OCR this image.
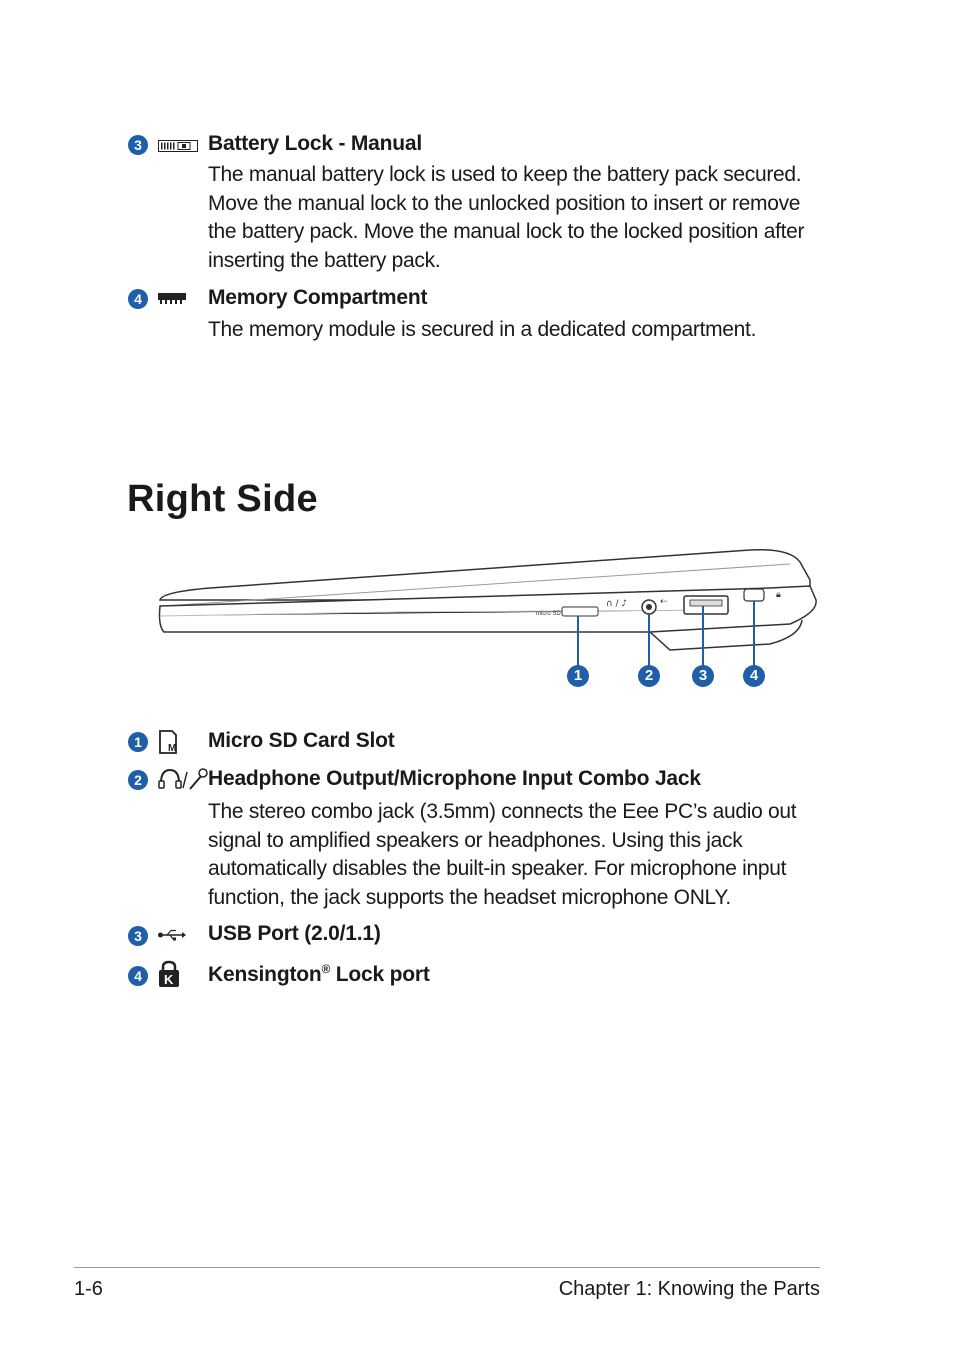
3	Battery Lock - Manual
The manual battery lock is used to keep the battery pack secured. Move the manual lock to the unlocked position to insert or remove the battery pack. Move the manual lock to the locked position after inserting the battery pack.
4	Memory Compartment
The memory module is secured in a dedicated compartment.
Right Side
micro SD
∩ / ♪	⇠
🔒︎
1	2	3	4
1	M Micro SD Card Slot
2	Headphone Output/Microphone Input Combo Jack
The stereo combo jack (3.5mm) connects the Eee PC’s audio out signal to amplified speakers or headphones. Using this jack automatically disables the built-in speaker. For microphone input function, the jack supports the headset microphone ONLY.
3	USB Port (2.0/1.1)
4	K Kensington® Lock port
1-6	Chapter 1: Knowing the Parts
